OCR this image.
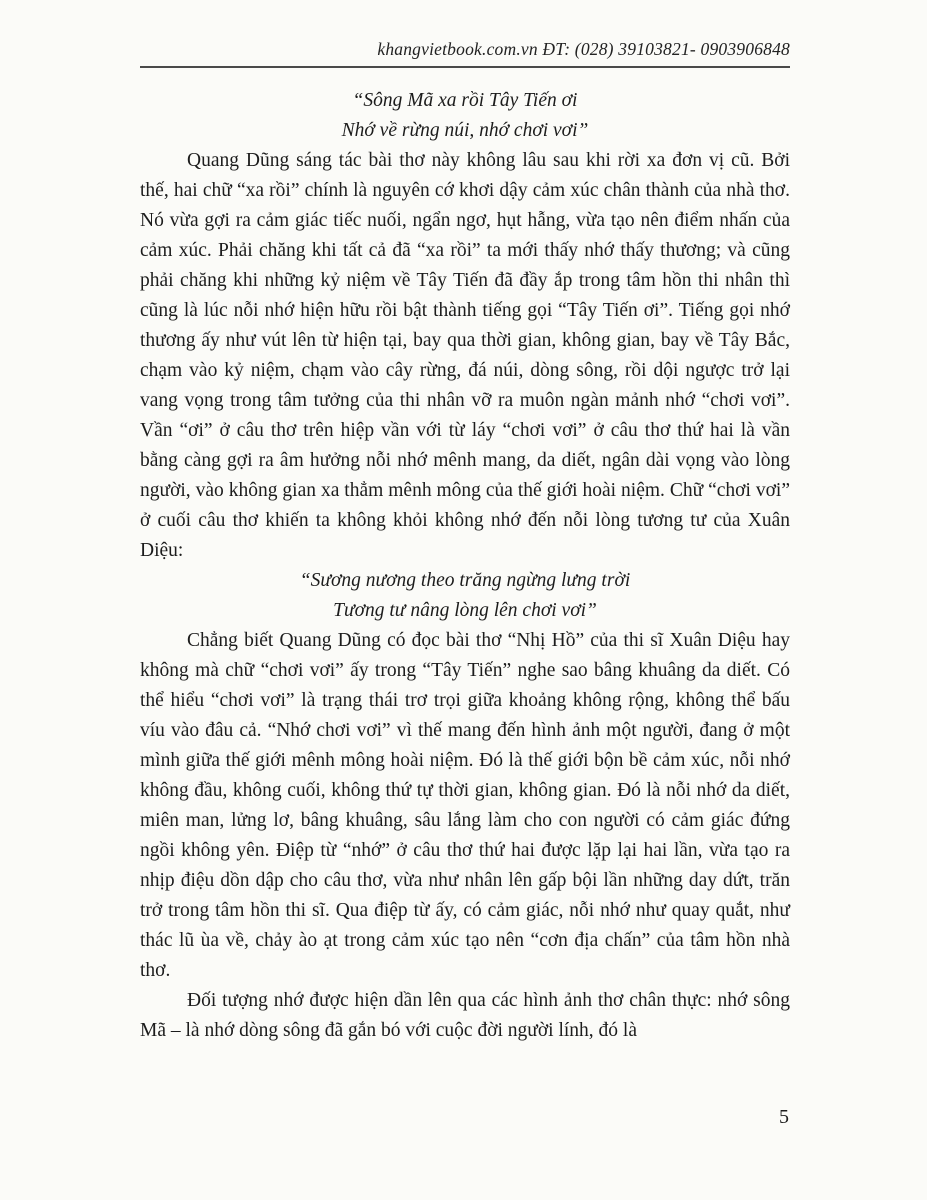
khangvietbook.com.vn ĐT: (028) 39103821- 0903906848
“Sông Mã xa rồi Tây Tiến ơi
Nhớ về rừng núi, nhớ chơi vơi”

Quang Dũng sáng tác bài thơ này không lâu sau khi rời xa đơn vị cũ. Bởi thế, hai chữ “xa rồi” chính là nguyên cớ khơi dậy cảm xúc chân thành của nhà thơ. Nó vừa gợi ra cảm giác tiếc nuối, ngẩn ngơ, hụt hẫng, vừa tạo nên điểm nhấn của cảm xúc. Phải chăng khi tất cả đã “xa rồi” ta mới thấy nhớ thấy thương; và cũng phải chăng khi những kỷ niệm về Tây Tiến đã đầy ắp trong tâm hồn thi nhân thì cũng là lúc nỗi nhớ hiện hữu rồi bật thành tiếng gọi “Tây Tiến ơi”. Tiếng gọi nhớ thương ấy như vút lên từ hiện tại, bay qua thời gian, không gian, bay về Tây Bắc, chạm vào kỷ niệm, chạm vào cây rừng, đá núi, dòng sông, rồi dội ngược trở lại vang vọng trong tâm tưởng của thi nhân vỡ ra muôn ngàn mảnh nhớ “chơi vơi”. Vần “ơi” ở câu thơ trên hiệp vần với từ láy “chơi vơi” ở câu thơ thứ hai là vần bằng càng gợi ra âm hưởng nỗi nhớ mênh mang, da diết, ngân dài vọng vào lòng người, vào không gian xa thẳm mênh mông của thế giới hoài niệm. Chữ “chơi vơi” ở cuối câu thơ khiến ta không khỏi không nhớ đến nỗi lòng tương tư của Xuân Diệu:

“Sương nương theo trăng ngừng lưng trời
Tương tư nâng lòng lên chơi vơi”

Chẳng biết Quang Dũng có đọc bài thơ “Nhị Hồ” của thi sĩ Xuân Diệu hay không mà chữ “chơi vơi” ấy trong “Tây Tiến” nghe sao bâng khuâng da diết. Có thể hiểu “chơi vơi” là trạng thái trơ trọi giữa khoảng không rộng, không thể bấu víu vào đâu cả. “Nhớ chơi vơi” vì thế mang đến hình ảnh một người, đang ở một mình giữa thế giới mênh mông hoài niệm. Đó là thế giới bộn bề cảm xúc, nỗi nhớ không đầu, không cuối, không thứ tự thời gian, không gian. Đó là nỗi nhớ da diết, miên man, lửng lơ, bâng khuâng, sâu lắng làm cho con người có cảm giác đứng ngồi không yên. Điệp từ “nhớ” ở câu thơ thứ hai được lặp lại hai lần, vừa tạo ra nhịp điệu dồn dập cho câu thơ, vừa như nhân lên gấp bội lần những day dứt, trăn trở trong tâm hồn thi sĩ. Qua điệp từ ấy, có cảm giác, nỗi nhớ như quay quắt, như thác lũ ùa về, chảy ào ạt trong cảm xúc tạo nên “cơn địa chấn” của tâm hồn nhà thơ.

Đối tượng nhớ được hiện dần lên qua các hình ảnh thơ chân thực: nhớ sông Mã – là nhớ dòng sông đã gắn bó với cuộc đời người lính, đó là

5
